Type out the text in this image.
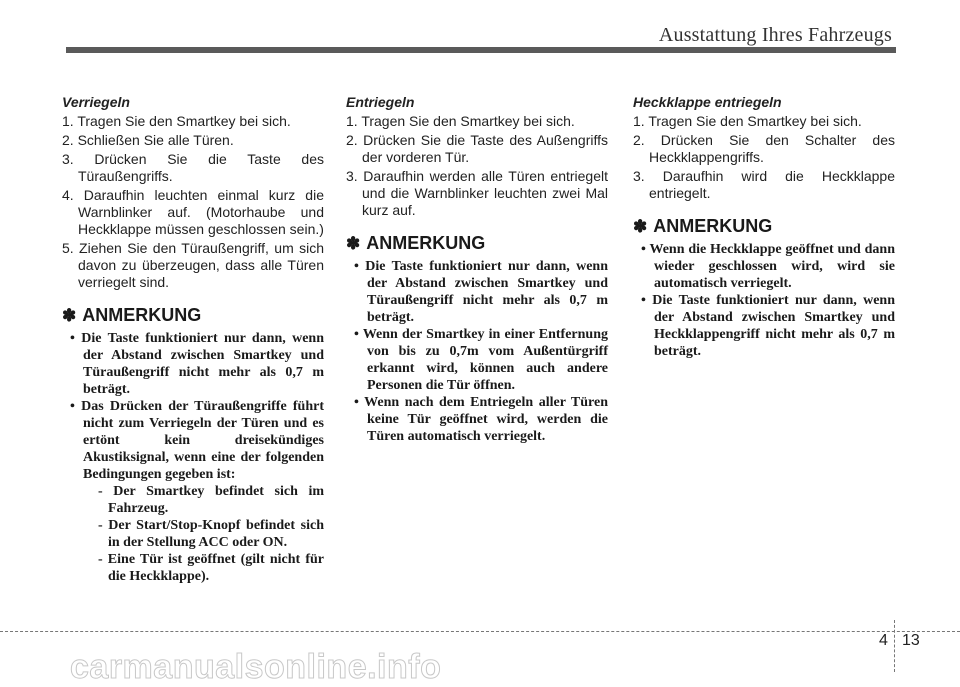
Ausstattung Ihres Fahrzeugs
Verriegeln
1. Tragen Sie den Smartkey bei sich.
2. Schließen Sie alle Türen.
3. Drücken Sie die Taste des Türaußengriffs.
4. Daraufhin leuchten einmal kurz die Warnblinker auf. (Motorhaube und Heckklappe müssen geschlossen sein.)
5. Ziehen Sie den Türaußengriff, um sich davon zu überzeugen, dass alle Türen verriegelt sind.
✽ ANMERKUNG
• Die Taste funktioniert nur dann, wenn der Abstand zwischen Smartkey und Türaußengriff nicht mehr als 0,7 m beträgt.
• Das Drücken der Türaußengriffe führt nicht zum Verriegeln der Türen und es ertönt kein dreisekündiges Akustiksignal, wenn eine der folgenden Bedingungen gegeben ist:
- Der Smartkey befindet sich im Fahrzeug.
- Der Start/Stop-Knopf befindet sich in der Stellung ACC oder ON.
- Eine Tür ist geöffnet (gilt nicht für die Heckklappe).
Entriegeln
1. Tragen Sie den Smartkey bei sich.
2. Drücken Sie die Taste des Außengriffs der vorderen Tür.
3. Daraufhin werden alle Türen entriegelt und die Warnblinker leuchten zwei Mal kurz auf.
✽ ANMERKUNG
• Die Taste funktioniert nur dann, wenn der Abstand zwischen Smartkey und Türaußengriff nicht mehr als 0,7 m beträgt.
• Wenn der Smartkey in einer Entfernung von bis zu 0,7m vom Außentürgriff erkannt wird, können auch andere Personen die Tür öffnen.
• Wenn nach dem Entriegeln aller Türen keine Tür geöffnet wird, werden die Türen automatisch verriegelt.
Heckklappe entriegeln
1. Tragen Sie den Smartkey bei sich.
2. Drücken Sie den Schalter des Heckklappengriffs.
3. Daraufhin wird die Heckklappe entriegelt.
✽ ANMERKUNG
• Wenn die Heckklappe geöffnet und dann wieder geschlossen wird, wird sie automatisch verriegelt.
• Die Taste funktioniert nur dann, wenn der Abstand zwischen Smartkey und Heckklappengriff nicht mehr als 0,7 m beträgt.
4 13
carmanualsonline.info
